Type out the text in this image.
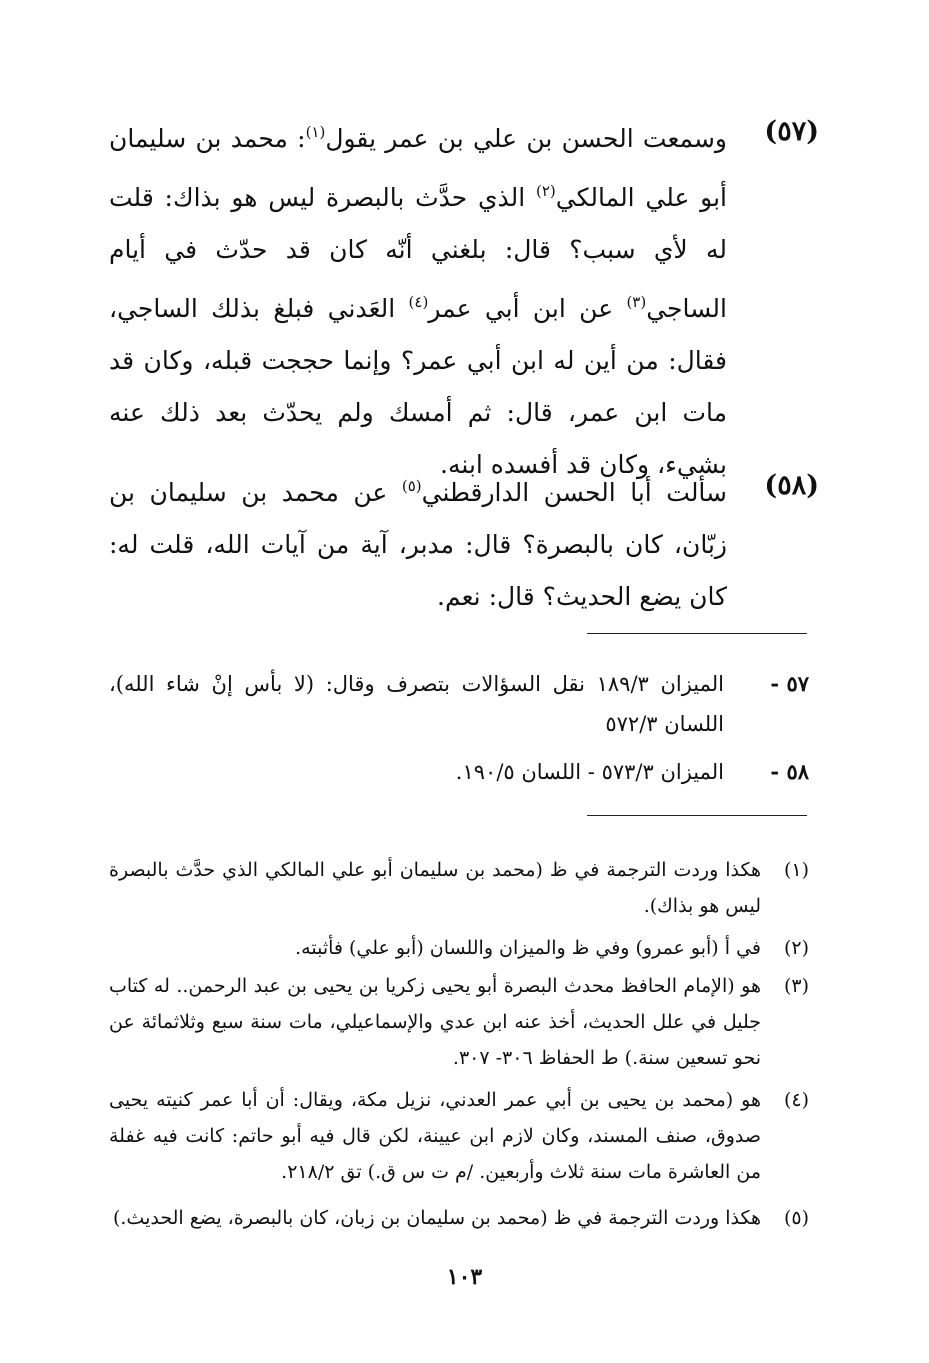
(٥٧)
وسمعت الحسن بن علي بن عمر يقول$^{(١)}$: محمد بن سليمان أبو علي المالكي$^{(٢)}$ الذي حدَّث بالبصرة ليس هو بذاك: قلت له لأي سبب؟ قال: بلغني أنّه كان قد حدّث في أيام الساجي$^{(٣)}$ عن ابن أبي عمر$^{(٤)}$ العَدني فبلغ بذلك الساجي، فقال: من أين له ابن أبي عمر؟ وإنما حججت قبله، وكان قد مات ابن عمر، قال: ثم أمسك ولم يحدّث بعد ذلك عنه بشيء، وكان قد أفسده ابنه.
(٥٨)
سألت أبا الحسن الدارقطني$^{(٥)}$ عن محمد بن سليمان بن زبّان، كان بالبصرة؟ قال: مدبر، آية من آيات الله، قلت له: كان يضع الحديث؟ قال: نعم.
٥٧ -
الميزان ١٨٩/٣ نقل السؤالات بتصرف وقال: (لا بأس إنْ شاء الله)، اللسان ٥٧٢/٣
٥٨ -
الميزان ٥٧٣/٣ - اللسان ١٩٠/٥.
(١)
هكذا وردت الترجمة في ظ (محمد بن سليمان أبو علي المالكي الذي حدَّث بالبصرة ليس هو بذاك).
(٢)
في أ (أبو عمرو) وفي ظ والميزان واللسان (أبو علي) فأثبته.
(٣)
هو (الإمام الحافظ محدث البصرة أبو يحيى زكريا بن يحيى بن عبد الرحمن.. له كتاب جليل في علل الحديث، أخذ عنه ابن عدي والإسماعيلي، مات سنة سبع وثلاثمائة عن نحو تسعين سنة.) ط الحفاظ ٣٠٦- ٣٠٧.
(٤)
هو (محمد بن يحيى بن أبي عمر العدني، نزيل مكة، ويقال: أن أبا عمر كنيته يحيى صدوق، صنف المسند، وكان لازم ابن عيينة، لكن قال فيه أبو حاتم: كانت فيه غفلة من العاشرة مات سنة ثلاث وأربعين. /م ت س ق.) تق ٢١٨/٢.
(٥)
هكذا وردت الترجمة في ظ (محمد بن سليمان بن زبان، كان بالبصرة، يضع الحديث.)
١٠٣
